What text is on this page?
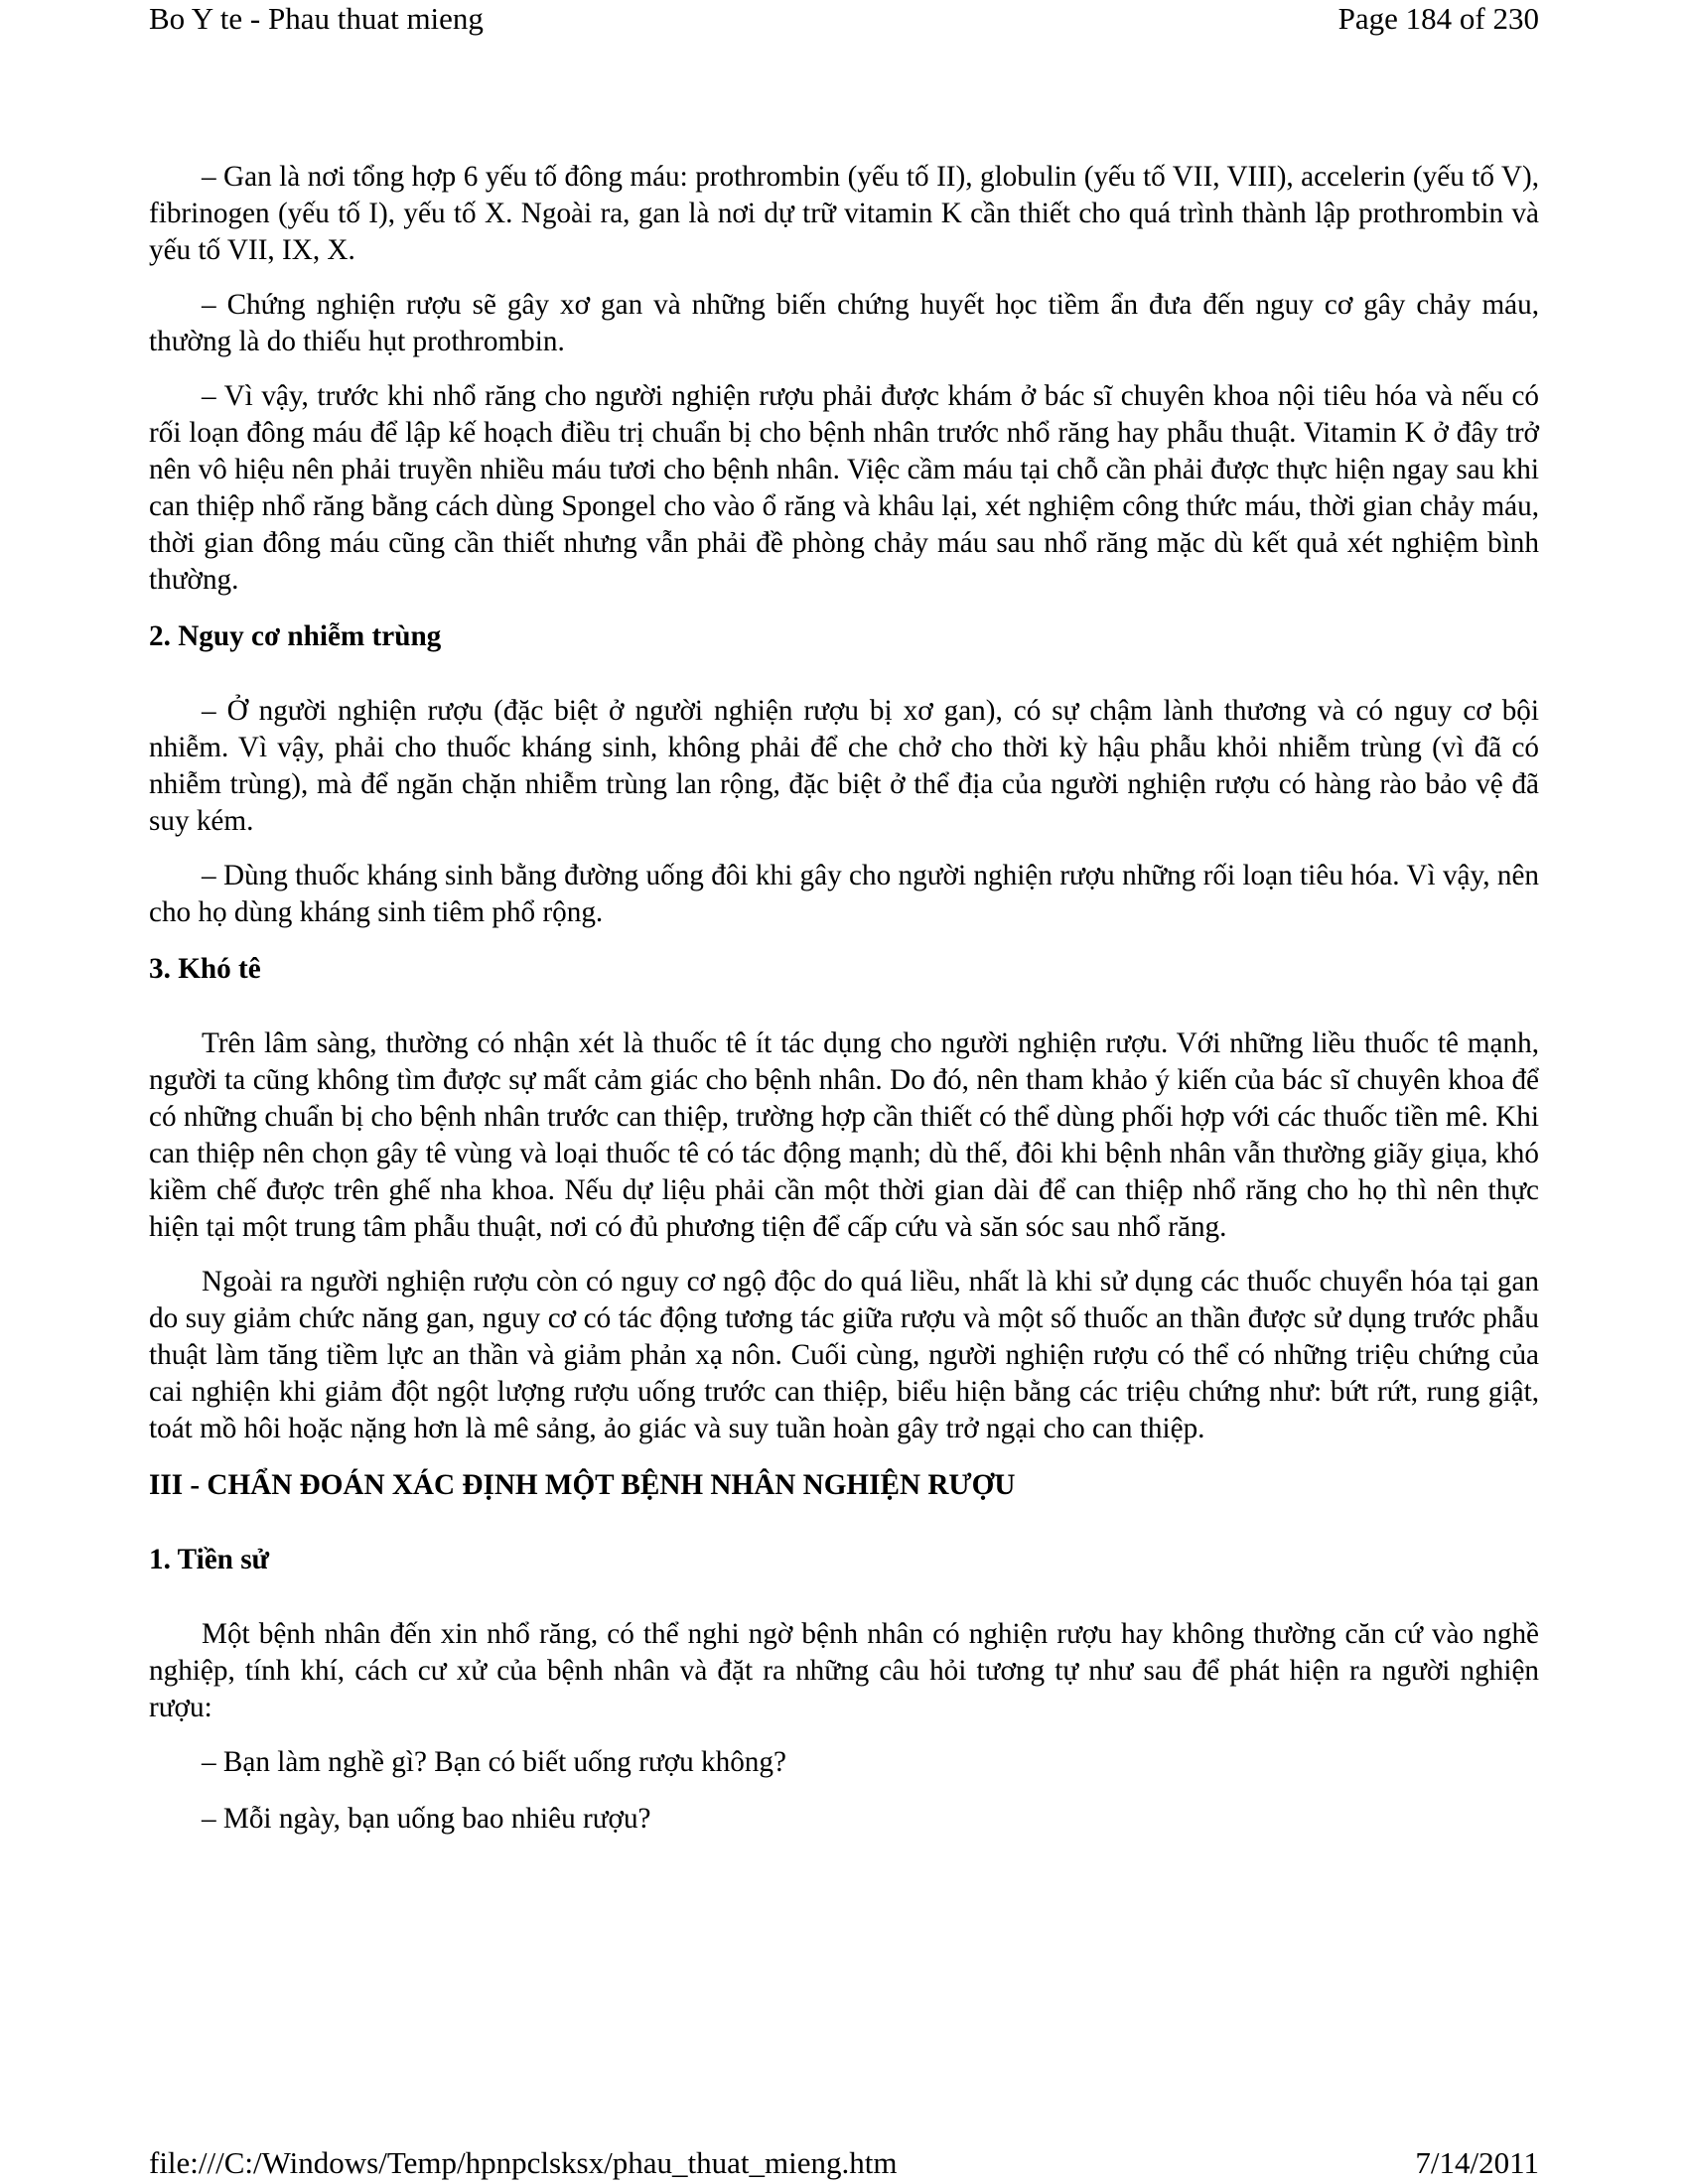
Bo Y te - Phau thuat mieng	Page 184 of 230

– Gan là nơi tổng hợp 6 yếu tố đông máu: prothrombin (yếu tố II), globulin (yếu tố VII, VIII), accelerin (yếu tố V), fibrinogen (yếu tố I), yếu tố X. Ngoài ra, gan là nơi dự trữ vitamin K cần thiết cho quá trình thành lập prothrombin và yếu tố VII, IX, X.

– Chứng nghiện rượu sẽ gây xơ gan và những biến chứng huyết học tiềm ẩn đưa đến nguy cơ gây chảy máu, thường là do thiếu hụt prothrombin.

– Vì vậy, trước khi nhổ răng cho người nghiện rượu phải được khám ở bác sĩ chuyên khoa nội tiêu hóa và nếu có rối loạn đông máu để lập kế hoạch điều trị chuẩn bị cho bệnh nhân trước nhổ răng hay phẫu thuật. Vitamin K ở đây trở nên vô hiệu nên phải truyền nhiều máu tươi cho bệnh nhân. Việc cầm máu tại chỗ cần phải được thực hiện ngay sau khi can thiệp nhổ răng bằng cách dùng Spongel cho vào ổ răng và khâu lại, xét nghiệm công thức máu, thời gian chảy máu, thời gian đông máu cũng cần thiết nhưng vẫn phải đề phòng chảy máu sau nhổ răng mặc dù kết quả xét nghiệm bình thường.

2. Nguy cơ nhiễm trùng

– Ở người nghiện rượu (đặc biệt ở người nghiện rượu bị xơ gan), có sự chậm lành thương và có nguy cơ bội nhiễm. Vì vậy, phải cho thuốc kháng sinh, không phải để che chở cho thời kỳ hậu phẫu khỏi nhiễm trùng (vì đã có nhiễm trùng), mà để ngăn chặn nhiễm trùng lan rộng, đặc biệt ở thể địa của người nghiện rượu có hàng rào bảo vệ đã suy kém.

– Dùng thuốc kháng sinh bằng đường uống đôi khi gây cho người nghiện rượu những rối loạn tiêu hóa. Vì vậy, nên cho họ dùng kháng sinh tiêm phổ rộng.

3. Khó tê

Trên lâm sàng, thường có nhận xét là thuốc tê ít tác dụng cho người nghiện rượu. Với những liều thuốc tê mạnh, người ta cũng không tìm được sự mất cảm giác cho bệnh nhân. Do đó, nên tham khảo ý kiến của bác sĩ chuyên khoa để có những chuẩn bị cho bệnh nhân trước can thiệp, trường hợp cần thiết có thể dùng phối hợp với các thuốc tiền mê. Khi can thiệp nên chọn gây tê vùng và loại thuốc tê có tác động mạnh; dù thế, đôi khi bệnh nhân vẫn thường giãy giụa, khó kiềm chế được trên ghế nha khoa. Nếu dự liệu phải cần một thời gian dài để can thiệp nhổ răng cho họ thì nên thực hiện tại một trung tâm phẫu thuật, nơi có đủ phương tiện để cấp cứu và săn sóc sau nhổ răng.

Ngoài ra người nghiện rượu còn có nguy cơ ngộ độc do quá liều, nhất là khi sử dụng các thuốc chuyển hóa tại gan do suy giảm chức năng gan, nguy cơ có tác động tương tác giữa rượu và một số thuốc an thần được sử dụng trước phẫu thuật làm tăng tiềm lực an thần và giảm phản xạ nôn. Cuối cùng, người nghiện rượu có thể có những triệu chứng của cai nghiện khi giảm đột ngột lượng rượu uống trước can thiệp, biểu hiện bằng các triệu chứng như: bứt rứt, rung giật, toát mồ hôi hoặc nặng hơn là mê sảng, ảo giác và suy tuần hoàn gây trở ngại cho can thiệp.

III - CHẨN ĐOÁN XÁC ĐỊNH MỘT BỆNH NHÂN NGHIỆN RƯỢU
1. Tiền sử

Một bệnh nhân đến xin nhổ răng, có thể nghi ngờ bệnh nhân có nghiện rượu hay không thường căn cứ vào nghề nghiệp, tính khí, cách cư xử của bệnh nhân và đặt ra những câu hỏi tương tự như sau để phát hiện ra người nghiện rượu:

– Bạn làm nghề gì? Bạn có biết uống rượu không?

– Mỗi ngày, bạn uống bao nhiêu rượu?

file:///C:/Windows/Temp/hpnpclsksx/phau_thuat_mieng.htm	7/14/2011
